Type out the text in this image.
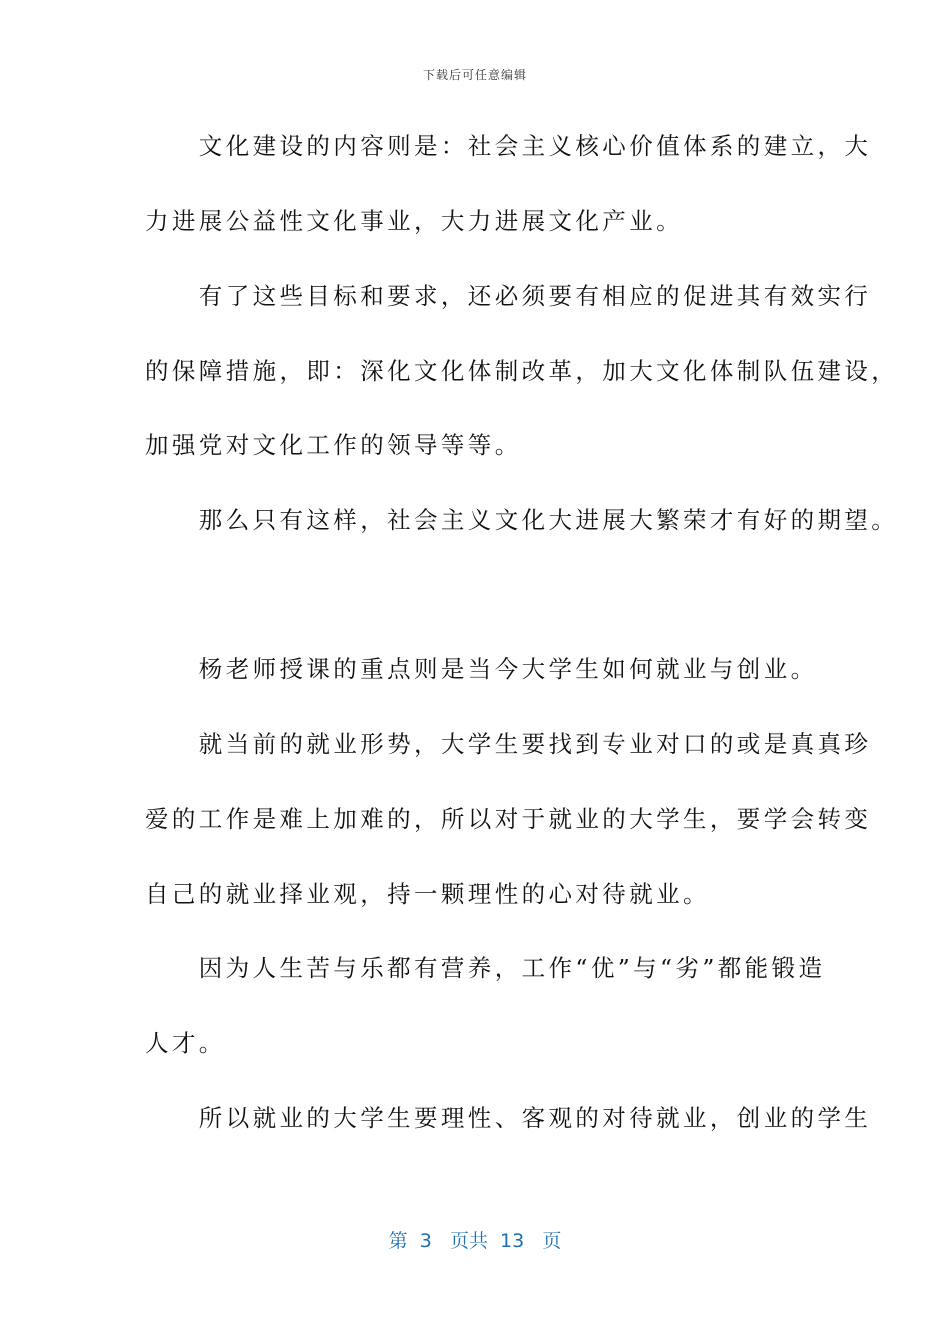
下载后可任意编辑
　　文化建设的内容则是：社会主义核心价值体系的建立，大
力进展公益性文化事业，大力进展文化产业。
　　有了这些目标和要求，还必须要有相应的促进其有效实行
的保障措施，即：深化文化体制改革，加大文化体制队伍建设，
加强党对文化工作的领导等等。
　　那么只有这样，社会主义文化大进展大繁荣才有好的期望。
　　杨老师授课的重点则是当今大学生如何就业与创业。
　　就当前的就业形势，大学生要找到专业对口的或是真真珍
爱的工作是难上加难的，所以对于就业的大学生，要学会转变
自己的就业择业观，持一颗理性的心对待就业。
　　因为人生苦与乐都有营养，工作“优”与“劣”都能锻造
人才。
　　所以就业的大学生要理性、客观的对待就业，创业的学生
第 3 页共 13 页
